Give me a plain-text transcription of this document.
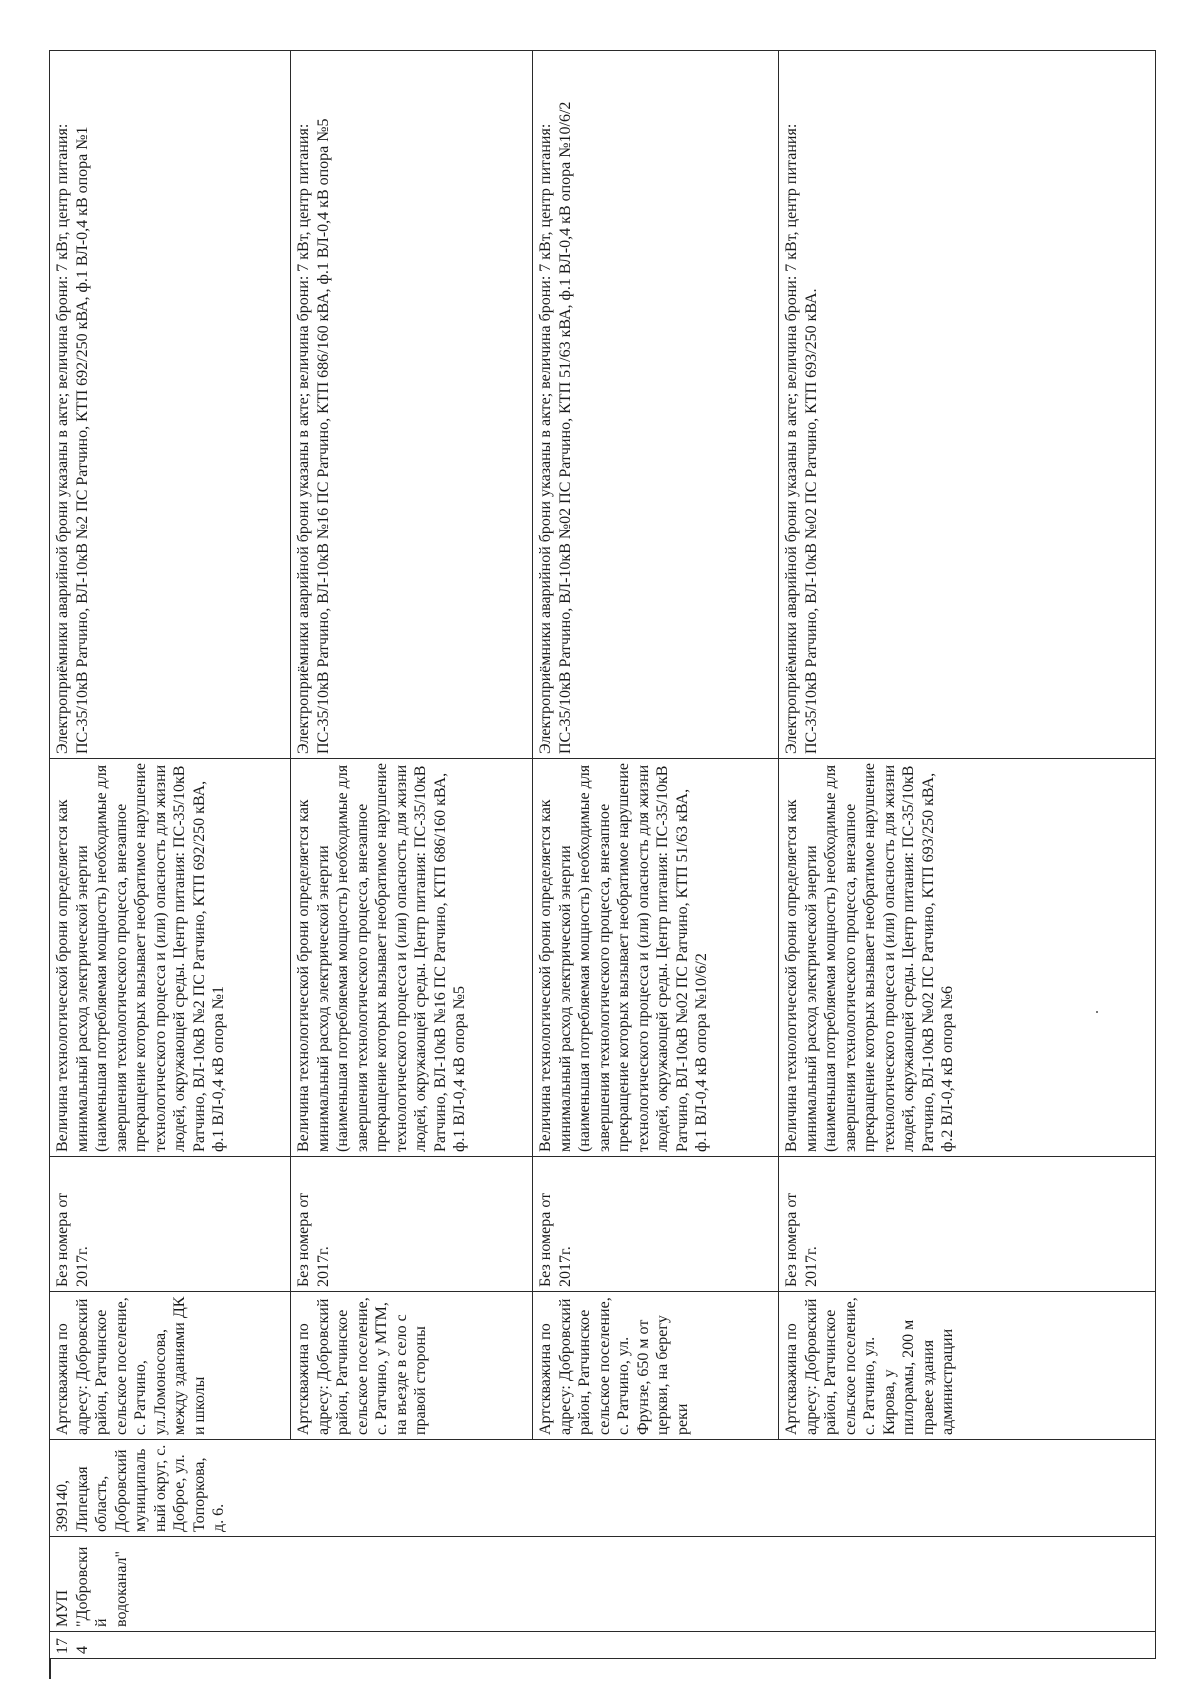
174	МУП "Добровский водоканал"	399140, Липецкая область, Добровский муниципальный округ, с. Доброе, ул. Топоркова, д. 6.	Артскважина по адресу: Добровский район, Ратчинское сельское поселение, с. Ратчино, ул.Ломоносова, между зданиями ДК и школы	Без номера от 2017г.	Величина технологической брони определяется как минимальный расход электрической энергии (наименьшая потребляемая мощность) необходимые для завершения технологического процесса, внезапное прекращение которых вызывает необратимое нарушение технологического процесса и (или) опасность для жизни людей, окружающей среды. Центр питания: ПС-35/10кВ Ратчино, ВЛ-10кВ №2 ПС Ратчино, КТП 692/250 кВА, ф.1 ВЛ-0,4 кВ опора №1	Электроприёмники аварийной брони указаны в акте; величина брони: 7 кВт, центр питания: ПС-35/10кВ Ратчино, ВЛ-10кВ №2 ПС Ратчино, КТП 692/250 кВА, ф.1 ВЛ-0,4 кВ опора №1	
			Артскважина по адресу: Добровский район, Ратчинское сельское поселение, с. Ратчино, у МТМ, на въезде в село с правой стороны	Без номера от 2017г.	Величина технологической брони определяется как минимальный расход электрической энергии (наименьшая потребляемая мощность) необходимые для завершения технологического процесса, внезапное прекращение которых вызывает необратимое нарушение технологического процесса и (или) опасность для жизни людей, окружающей среды. Центр питания: ПС-35/10кВ Ратчино, ВЛ-10кВ №16 ПС Ратчино, КТП 686/160 кВА, ф.1 ВЛ-0,4 кВ опора №5	Электроприёмники аварийной брони указаны в акте; величина брони: 7 кВт, центр питания: ПС-35/10кВ Ратчино, ВЛ-10кВ №16 ПС Ратчино, КТП 686/160 кВА, ф.1 ВЛ-0,4 кВ опора №5	
			Артскважина по адресу: Добровский район, Ратчинское сельское поселение, с. Ратчино, ул. Фрунзе, 650 м от церкви, на берегу реки	Без номера от 2017г.	Величина технологической брони определяется как минимальный расход электрической энергии (наименьшая потребляемая мощность) необходимые для завершения технологического процесса, внезапное прекращение которых вызывает необратимое нарушение технологического процесса и (или) опасность для жизни людей, окружающей среды. Центр питания: ПС-35/10кВ Ратчино, ВЛ-10кВ №02 ПС Ратчино, КТП 51/63 кВА, ф.1 ВЛ-0,4 кВ опора №10/6/2	Электроприёмники аварийной брони указаны в акте; величина брони: 7 кВт, центр питания: ПС-35/10кВ Ратчино, ВЛ-10кВ №02 ПС Ратчино, КТП 51/63 кВА, ф.1 ВЛ-0,4 кВ опора №10/6/2	
			Артскважина по адресу: Добровский район, Ратчинское сельское поселение, с. Ратчино, ул. Кирова, у пилорамы, 200 м правее здания администрации	Без номера от 2017г.	Величина технологической брони определяется как минимальный расход электрической энергии (наименьшая потребляемая мощность) необходимые для завершения технологического процесса, внезапное прекращение которых вызывает необратимое нарушение технологического процесса и (или) опасность для жизни людей, окружающей среды. Центр питания: ПС-35/10кВ Ратчино, ВЛ-10кВ №02 ПС Ратчино, КТП 693/250 кВА, ф.2 ВЛ-0,4 кВ опора №6	Электроприёмники аварийной брони указаны в акте; величина брони: 7 кВт, центр питания: ПС-35/10кВ Ратчино, ВЛ-10кВ №02 ПС Ратчино, КТП 693/250 кВА.	
